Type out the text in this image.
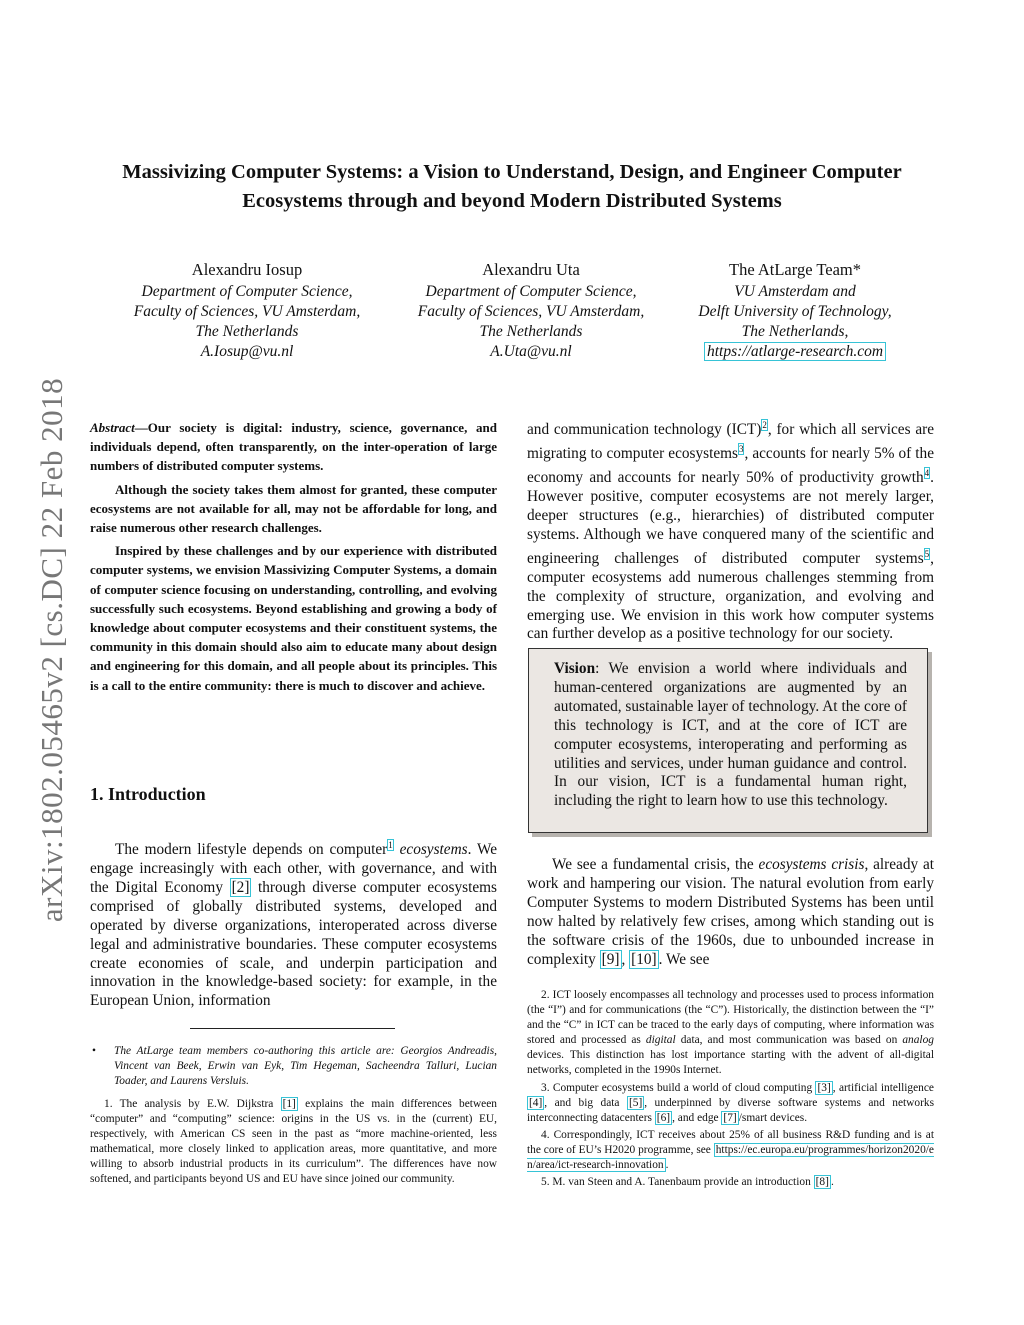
arXiv:1802.05465v2 [cs.DC] 22 Feb 2018
Massivizing Computer Systems: a Vision to Understand, Design, and Engineer Computer Ecosystems through and beyond Modern Distributed Systems
Alexandru Iosup
Department of Computer Science,
Faculty of Sciences, VU Amsterdam,
The Netherlands
A.Iosup@vu.nl
Alexandru Uta
Department of Computer Science,
Faculty of Sciences, VU Amsterdam,
The Netherlands
A.Uta@vu.nl
The AtLarge Team*
VU Amsterdam and
Delft University of Technology,
The Netherlands,
https://atlarge-research.com

Abstract—Our society is digital: industry, science, governance, and individuals depend, often transparently, on the inter-operation of large numbers of distributed computer systems.

Although the society takes them almost for granted, these computer ecosystems are not available for all, may not be affordable for long, and raise numerous other research challenges.

Inspired by these challenges and by our experience with distributed computer systems, we envision Massivizing Computer Systems, a domain of computer science focusing on understanding, controlling, and evolving successfully such ecosystems. Beyond establishing and growing a body of knowledge about computer ecosystems and their constituent systems, the community in this domain should also aim to educate many about design and engineering for this domain, and all people about its principles. This is a call to the entire community: there is much to discover and achieve.

1. Introduction

The modern lifestyle depends on computer$^1$ ecosystems. We engage increasingly with each other, with governance, and with the Digital Economy [2] through diverse computer ecosystems comprised of globally distributed systems, developed and operated by diverse organizations, interoperated across diverse legal and administrative boundaries. These computer ecosystems create economies of scale, and underpin participation and innovation in the knowledge-based society: for example, in the European Union, information

and communication technology (ICT)$^2$, for which all services are migrating to computer ecosystems$^3$, accounts for nearly 5% of the economy and accounts for nearly 50% of productivity growth$^4$. However positive, computer ecosystems are not merely larger, deeper structures (e.g., hierarchies) of distributed computer systems. Although we have conquered many of the scientific and engineering challenges of distributed computer systems$^5$, computer ecosystems add numerous challenges stemming from the complexity of structure, organization, and evolving and emerging use. We envision in this work how computer systems can further develop as a positive technology for our society.

Vision: We envision a world where individuals and human-centered organizations are augmented by an automated, sustainable layer of technology. At the core of this technology is ICT, and at the core of ICT are computer ecosystems, interoperating and performing as utilities and services, under human guidance and control. In our vision, ICT is a fundamental human right, including the right to learn how to use this technology.

We see a fundamental crisis, the ecosystems crisis, already at work and hampering our vision. The natural evolution from early Computer Systems to modern Distributed Systems has been until now halted by relatively few crises, among which standing out is the software crisis of the 1960s, due to unbounded increase in complexity [9] , [10] . We see

•	The AtLarge team members co-authoring this article are: Georgios Andreadis, Vincent van Beek, Erwin van Eyk, Tim Hegeman, Sacheendra Talluri, Lucian Toader, and Laurens Versluis.

1. The analysis by E.W. Dijkstra [1] explains the main differences between “computer” and “computing” science: origins in the US vs. in the (current) EU, respectively, with American CS seen in the past as “more machine-oriented, less mathematical, more closely linked to application areas, more quantitative, and more willing to absorb industrial products in its curriculum”. The differences have now softened, and participants beyond US and EU have since joined our community.

2. ICT loosely encompasses all technology and processes used to process information (the “I”) and for communications (the “C”). Historically, the distinction between the “I” and the “C” in ICT can be traced to the early days of computing, where information was stored and processed as digital data, and most communication was based on analog devices. This distinction has lost importance starting with the advent of all-digital networks, completed in the 1990s Internet.

3. Computer ecosystems build a world of cloud computing [3] , artificial intelligence [4] , and big data [5] , underpinned by diverse software systems and networks interconnecting datacenters [6] , and edge [7] /smart devices.

4. Correspondingly, ICT receives about 25% of all business R&D funding and is at the core of EU’s H2020 programme, see https://ec.europa.eu/programmes/horizon2020/en/area/ict-research-innovation .

5. M. van Steen and A. Tanenbaum provide an introduction [8] .
